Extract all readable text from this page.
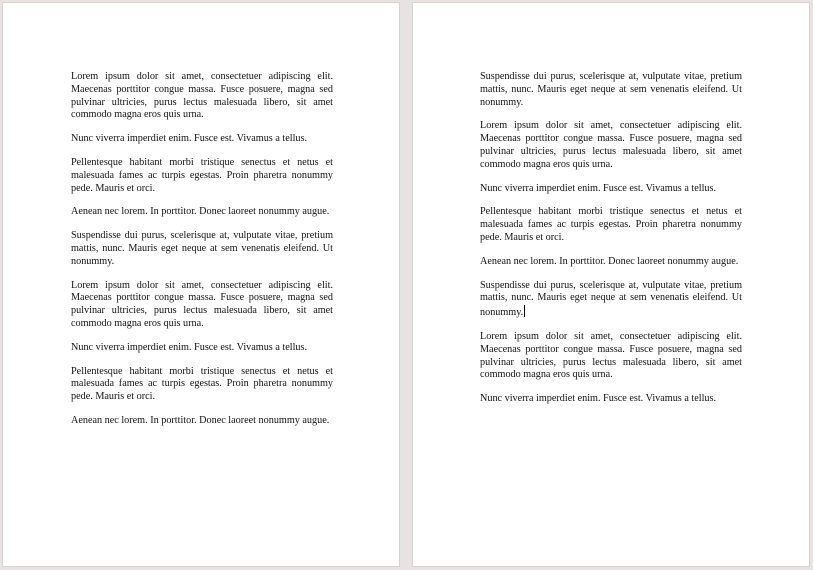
Lorem ipsum dolor sit amet, consectetuer adipiscing elit. Maecenas porttitor congue massa. Fusce posuere, magna sed pulvinar ultricies, purus lectus malesuada libero, sit amet commodo magna eros quis urna.

Nunc viverra imperdiet enim. Fusce est. Vivamus a tellus.

Pellentesque habitant morbi tristique senectus et netus et malesuada fames ac turpis egestas. Proin pharetra nonummy pede. Mauris et orci.

Aenean nec lorem. In porttitor. Donec laoreet nonummy augue.

Suspendisse dui purus, scelerisque at, vulputate vitae, pretium mattis, nunc. Mauris eget neque at sem venenatis eleifend. Ut nonummy.

Lorem ipsum dolor sit amet, consectetuer adipiscing elit. Maecenas porttitor congue massa. Fusce posuere, magna sed pulvinar ultricies, purus lectus malesuada libero, sit amet commodo magna eros quis urna.

Nunc viverra imperdiet enim. Fusce est. Vivamus a tellus.

Pellentesque habitant morbi tristique senectus et netus et malesuada fames ac turpis egestas. Proin pharetra nonummy pede. Mauris et orci.

Aenean nec lorem. In porttitor. Donec laoreet nonummy augue.

Suspendisse dui purus, scelerisque at, vulputate vitae, pretium mattis, nunc. Mauris eget neque at sem venenatis eleifend. Ut nonummy.

Lorem ipsum dolor sit amet, consectetuer adipiscing elit. Maecenas porttitor congue massa. Fusce posuere, magna sed pulvinar ultricies, purus lectus malesuada libero, sit amet commodo magna eros quis urna.

Nunc viverra imperdiet enim. Fusce est. Vivamus a tellus.

Pellentesque habitant morbi tristique senectus et netus et malesuada fames ac turpis egestas. Proin pharetra nonummy pede. Mauris et orci.

Aenean nec lorem. In porttitor. Donec laoreet nonummy augue.

Suspendisse dui purus, scelerisque at, vulputate vitae, pretium mattis, nunc. Mauris eget neque at sem venenatis eleifend. Ut nonummy.

Lorem ipsum dolor sit amet, consectetuer adipiscing elit. Maecenas porttitor congue massa. Fusce posuere, magna sed pulvinar ultricies, purus lectus malesuada libero, sit amet commodo magna eros quis urna.

Nunc viverra imperdiet enim. Fusce est. Vivamus a tellus.
